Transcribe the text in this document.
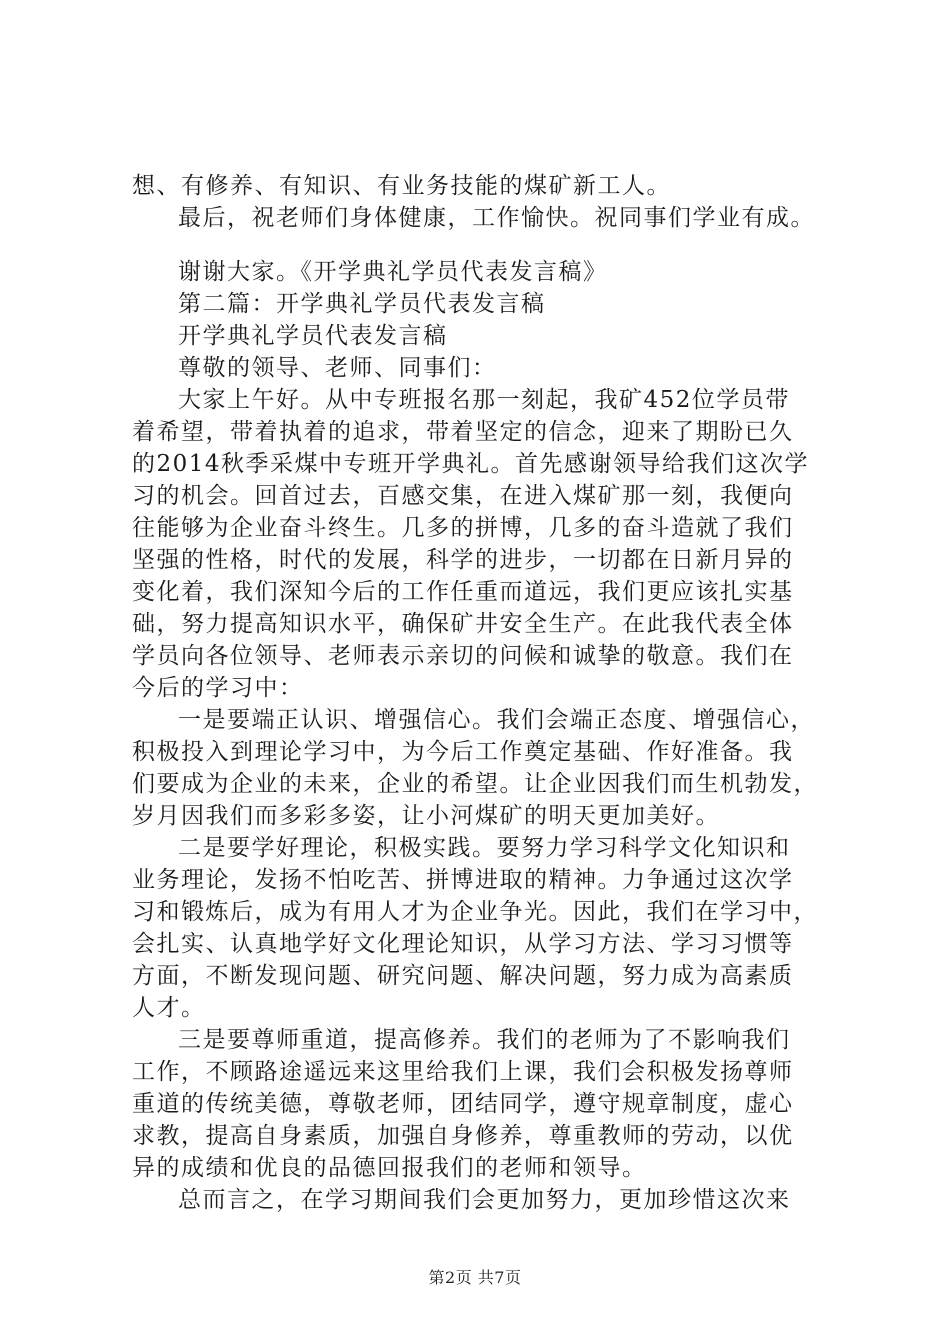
想、有修养、有知识、有业务技能的煤矿新工人。
最后，祝老师们身体健康，工作愉快。祝同事们学业有成。
谢谢大家。《开学典礼学员代表发言稿》
第二篇：开学典礼学员代表发言稿
开学典礼学员代表发言稿
尊敬的领导、老师、同事们：
大家上午好。从中专班报名那一刻起，我矿452位学员带
着希望，带着执着的追求，带着坚定的信念，迎来了期盼已久
的2014秋季采煤中专班开学典礼。首先感谢领导给我们这次学
习的机会。回首过去，百感交集，在进入煤矿那一刻，我便向
往能够为企业奋斗终生。几多的拼博，几多的奋斗造就了我们
坚强的性格，时代的发展，科学的进步，一切都在日新月异的
变化着，我们深知今后的工作任重而道远，我们更应该扎实基
础，努力提高知识水平，确保矿井安全生产。在此我代表全体
学员向各位领导、老师表示亲切的问候和诚挚的敬意。我们在
今后的学习中：
一是要端正认识、增强信心。我们会端正态度、增强信心，
积极投入到理论学习中，为今后工作奠定基础、作好准备。我
们要成为企业的未来，企业的希望。让企业因我们而生机勃发，
岁月因我们而多彩多姿，让小河煤矿的明天更加美好。
二是要学好理论，积极实践。要努力学习科学文化知识和
业务理论，发扬不怕吃苦、拼博进取的精神。力争通过这次学
习和锻炼后，成为有用人才为企业争光。因此，我们在学习中，
会扎实、认真地学好文化理论知识，从学习方法、学习习惯等
方面，不断发现问题、研究问题、解决问题，努力成为高素质
人才。
三是要尊师重道，提高修养。我们的老师为了不影响我们
工作，不顾路途遥远来这里给我们上课，我们会积极发扬尊师
重道的传统美德，尊敬老师，团结同学，遵守规章制度，虚心
求教，提高自身素质，加强自身修养，尊重教师的劳动，以优
异的成绩和优良的品德回报我们的老师和领导。
总而言之，在学习期间我们会更加努力，更加珍惜这次来
第2页 共7页
